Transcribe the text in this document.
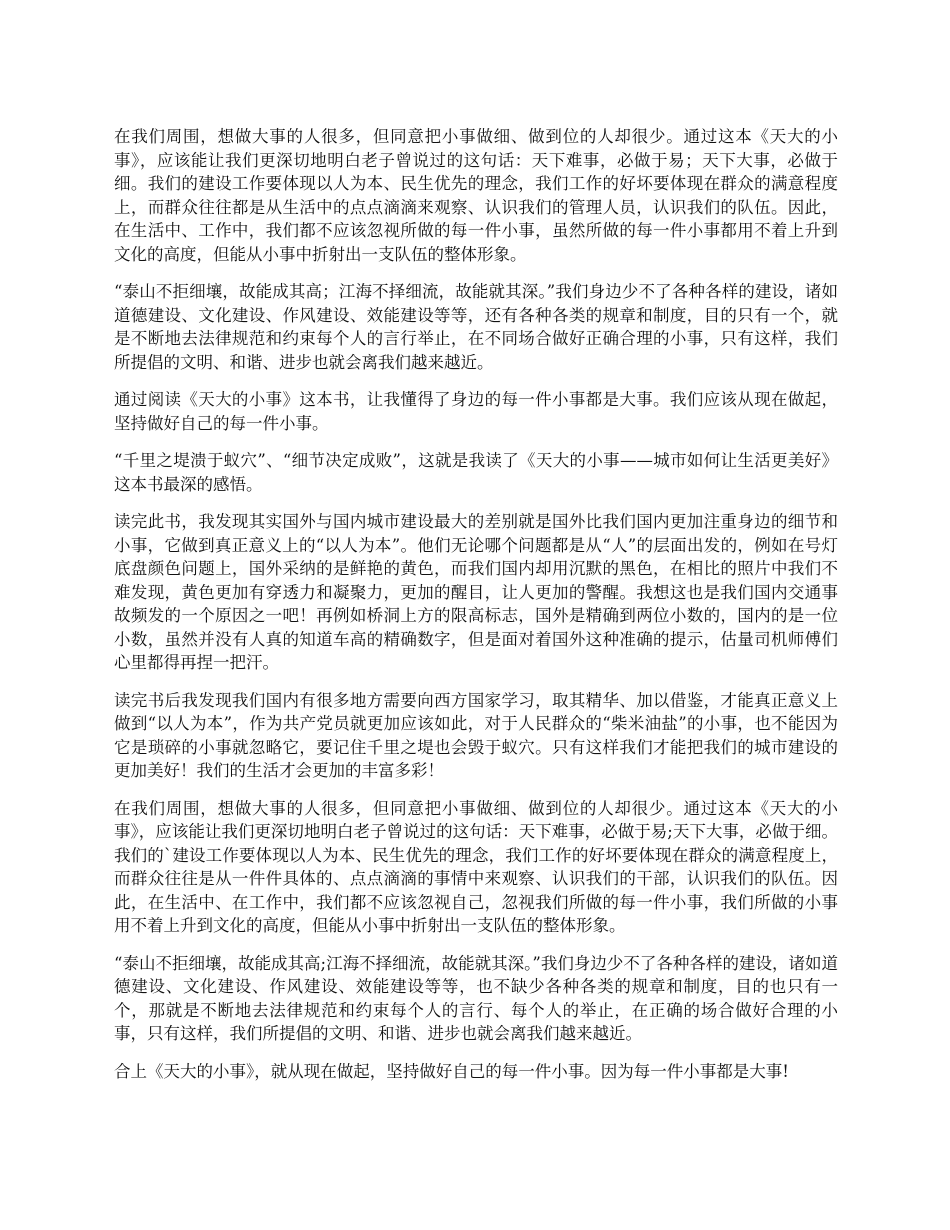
在我们周围，想做大事的人很多，但同意把小事做细、做到位的人却很少。通过这本《天大的小事》，应该能让我们更深切地明白老子曾说过的这句话：天下难事，必做于易；天下大事，必做于细。我们的建设工作要体现以人为本、民生优先的理念，我们工作的好坏要体现在群众的满意程度上，而群众往往都是从生活中的点点滴滴来观察、认识我们的管理人员，认识我们的队伍。因此，在生活中、工作中，我们都不应该忽视所做的每一件小事，虽然所做的每一件小事都用不着上升到文化的高度，但能从小事中折射出一支队伍的整体形象。

“泰山不拒细壤，故能成其高；江海不择细流，故能就其深。”我们身边少不了各种各样的建设，诸如道德建设、文化建设、作风建设、效能建设等等，还有各种各类的规章和制度，目的只有一个，就是不断地去法律规范和约束每个人的言行举止，在不同场合做好正确合理的小事，只有这样，我们所提倡的文明、和谐、进步也就会离我们越来越近。

通过阅读《天大的小事》这本书，让我懂得了身边的每一件小事都是大事。我们应该从现在做起，坚持做好自己的每一件小事。

“千里之堤溃于蚁穴”、“细节决定成败”，这就是我读了《天大的小事——城市如何让生活更美好》这本书最深的感悟。

读完此书，我发现其实国外与国内城市建设最大的差别就是国外比我们国内更加注重身边的细节和小事，它做到真正意义上的“以人为本”。他们无论哪个问题都是从“人”的层面出发的，例如在号灯底盘颜色问题上，国外采纳的是鲜艳的黄色，而我们国内却用沉默的黑色，在相比的照片中我们不难发现，黄色更加有穿透力和凝聚力，更加的醒目，让人更加的警醒。我想这也是我们国内交通事故频发的一个原因之一吧！再例如桥洞上方的限高标志，国外是精确到两位小数的，国内的是一位小数，虽然并没有人真的知道车高的精确数字，但是面对着国外这种准确的提示，估量司机师傅们心里都得再捏一把汗。

读完书后我发现我们国内有很多地方需要向西方国家学习，取其精华、加以借鉴，才能真正意义上做到“以人为本”，作为共产党员就更加应该如此，对于人民群众的“柴米油盐”的小事，也不能因为它是琐碎的小事就忽略它，要记住千里之堤也会毁于蚁穴。只有这样我们才能把我们的城市建设的更加美好！我们的生活才会更加的丰富多彩！

在我们周围，想做大事的人很多，但同意把小事做细、做到位的人却很少。通过这本《天大的小事》，应该能让我们更深切地明白老子曾说过的这句话：天下难事，必做于易;天下大事，必做于细。我们的`建设工作要体现以人为本、民生优先的理念，我们工作的好坏要体现在群众的满意程度上，而群众往往是从一件件具体的、点点滴滴的事情中来观察、认识我们的干部，认识我们的队伍。因此，在生活中、在工作中，我们都不应该忽视自己，忽视我们所做的每一件小事，我们所做的小事用不着上升到文化的高度，但能从小事中折射出一支队伍的整体形象。

“泰山不拒细壤，故能成其高;江海不择细流，故能就其深。”我们身边少不了各种各样的建设，诸如道德建设、文化建设、作风建设、效能建设等等，也不缺少各种各类的规章和制度，目的也只有一个，那就是不断地去法律规范和约束每个人的言行、每个人的举止，在正确的场合做好合理的小事，只有这样，我们所提倡的文明、和谐、进步也就会离我们越来越近。

合上《天大的小事》，就从现在做起，坚持做好自己的每一件小事。因为每一件小事都是大事!
